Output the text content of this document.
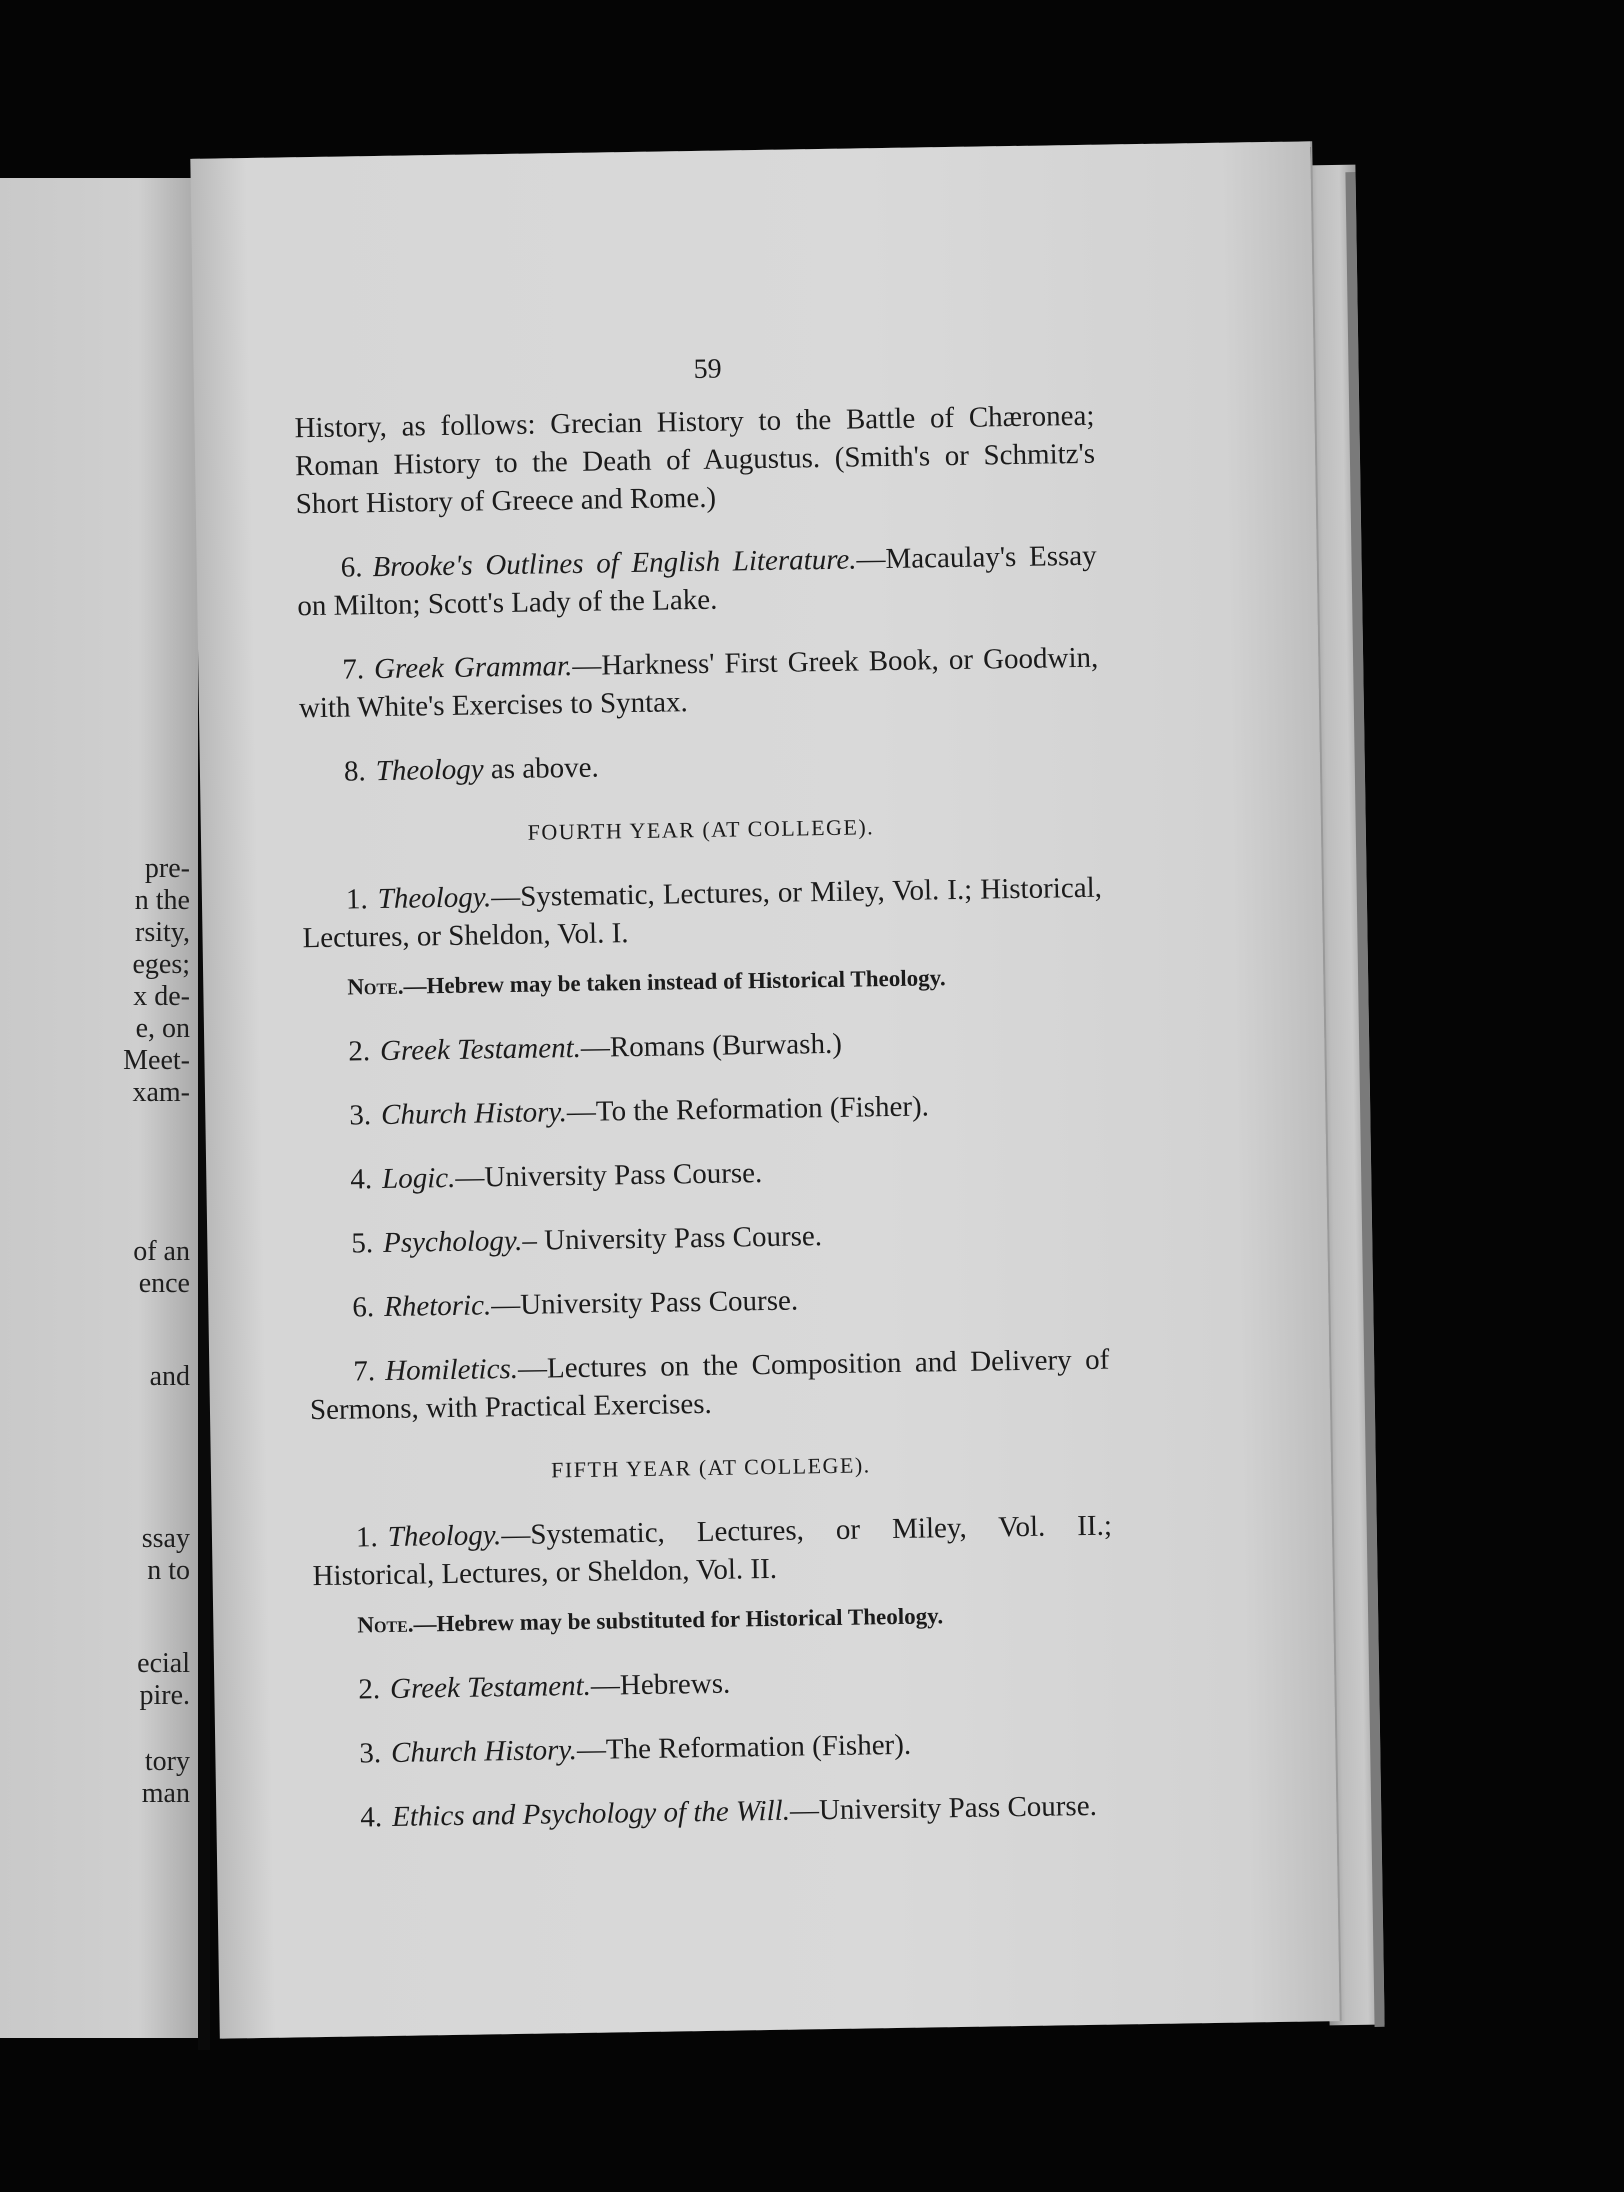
pre-
n the
rsity,
eges;
x de-
e, on
Meet-
xam-
of an
ence
and
ssay
n to
ecial
pire.
tory
man
59

History, as follows: Grecian History to the Battle of Chæronea; Roman History to the Death of Augustus. (Smith's or Schmitz's Short History of Greece and Rome.)

6. Brooke's Outlines of English Literature.—Macaulay's Essay on Milton; Scott's Lady of the Lake.

7. Greek Grammar.—Harkness' First Greek Book, or Goodwin, with White's Exercises to Syntax.

8. Theology as above.

FOURTH YEAR (AT COLLEGE).

1. Theology.—Systematic, Lectures, or Miley, Vol. I.; Historical, Lectures, or Sheldon, Vol. I.

Note.—Hebrew may be taken instead of Historical Theology.

2. Greek Testament.—Romans (Burwash.)

3. Church History.—To the Reformation (Fisher).

4. Logic.—University Pass Course.

5. Psychology.– University Pass Course.

6. Rhetoric.—University Pass Course.

7. Homiletics.—Lectures on the Composition and Delivery of Sermons, with Practical Exercises.

FIFTH YEAR (AT COLLEGE).

1. Theology.—Systematic, Lectures, or Miley, Vol. II.; Historical, Lectures, or Sheldon, Vol. II.

Note.—Hebrew may be substituted for Historical Theology.

2. Greek Testament.—Hebrews.

3. Church History.—The Reformation (Fisher).

4. Ethics and Psychology of the Will.—University Pass Course.
